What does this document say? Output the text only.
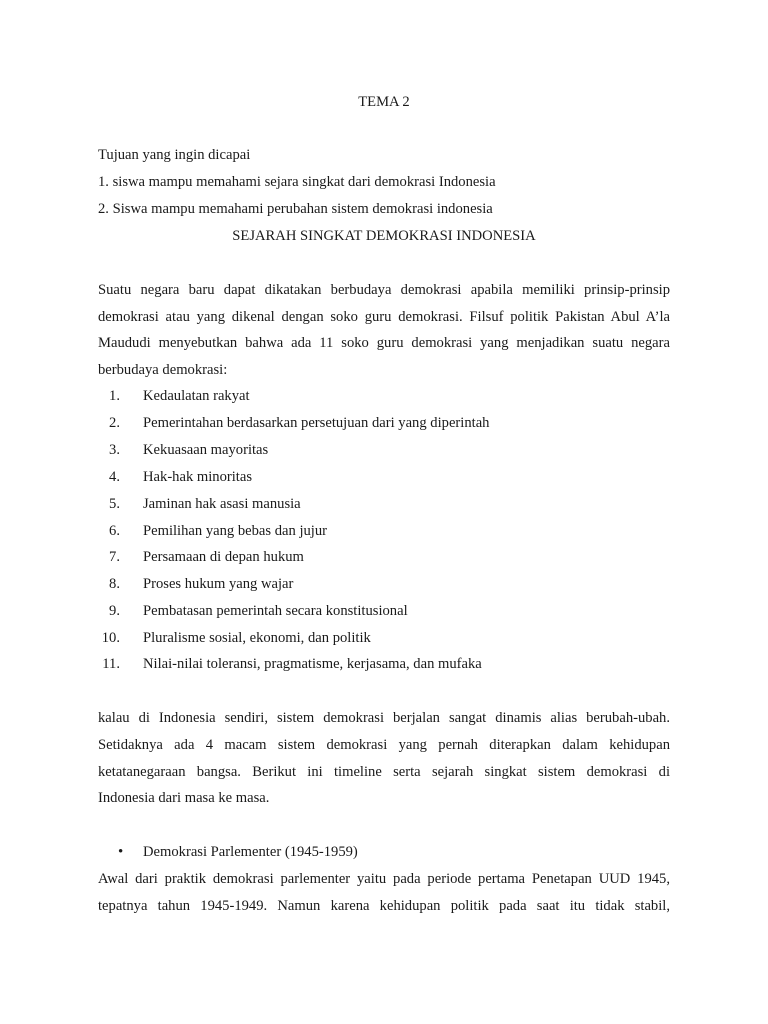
TEMA 2
Tujuan yang ingin dicapai
1. siswa mampu memahami sejara singkat dari demokrasi Indonesia
2. Siswa mampu memahami perubahan sistem demokrasi indonesia
SEJARAH SINGKAT DEMOKRASI INDONESIA
Suatu negara baru dapat dikatakan berbudaya demokrasi apabila memiliki prinsip-prinsip
demokrasi atau yang dikenal dengan soko guru demokrasi. Filsuf politik Pakistan Abul A’la
Maududi menyebutkan bahwa ada 11 soko guru demokrasi yang menjadikan suatu negara
berbudaya demokrasi:
1. Kedaulatan rakyat
2. Pemerintahan berdasarkan persetujuan dari yang diperintah
3. Kekuasaan mayoritas
4. Hak-hak minoritas
5. Jaminan hak asasi manusia
6. Pemilihan yang bebas dan jujur
7. Persamaan di depan hukum
8. Proses hukum yang wajar
9. Pembatasan pemerintah secara konstitusional
10. Pluralisme sosial, ekonomi, dan politik
11. Nilai-nilai toleransi, pragmatisme, kerjasama, dan mufaka
kalau di Indonesia sendiri, sistem demokrasi berjalan sangat dinamis alias berubah-ubah.
Setidaknya ada 4 macam sistem demokrasi yang pernah diterapkan dalam kehidupan
ketatanegaraan bangsa. Berikut ini timeline serta sejarah singkat sistem demokrasi di
Indonesia dari masa ke masa.
• Demokrasi Parlementer (1945-1959)
Awal dari praktik demokrasi parlementer yaitu pada periode pertama Penetapan UUD 1945,
tepatnya tahun 1945-1949. Namun karena kehidupan politik pada saat itu tidak stabil,
